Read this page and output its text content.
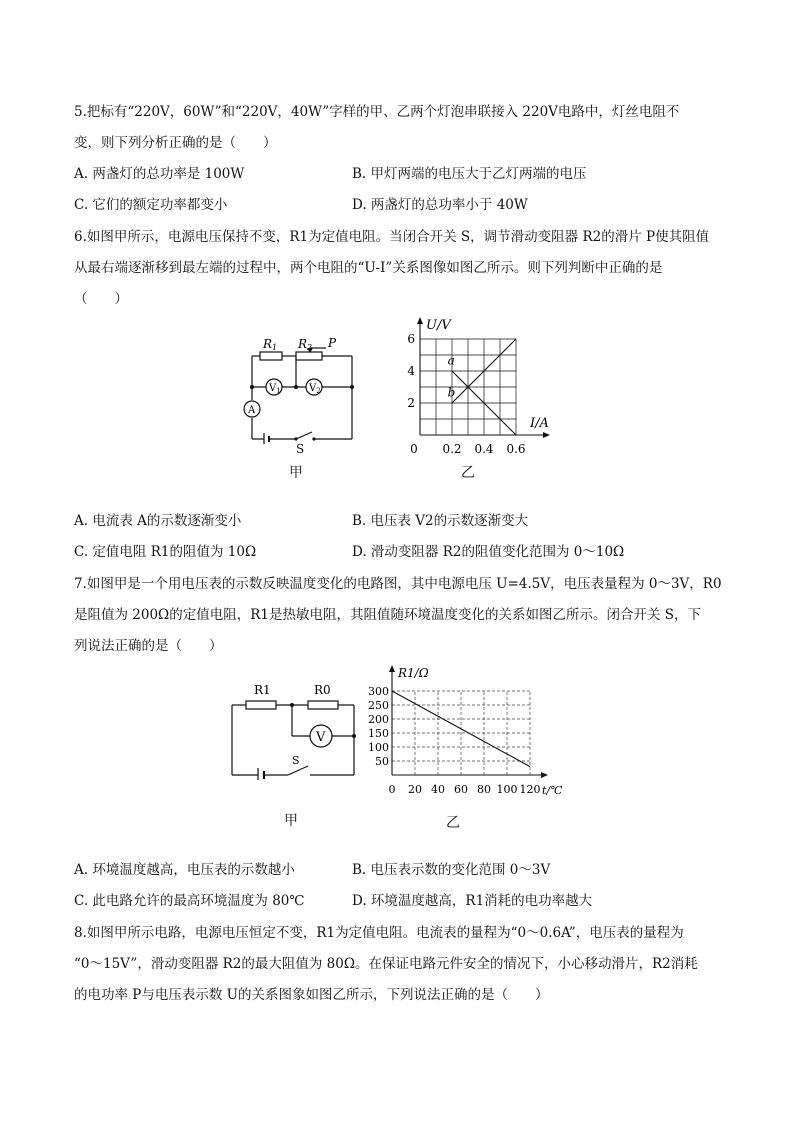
5.把标有“220V，60W”和“220V，40W”字样的甲、乙两个灯泡串联接入 220V电路中，灯丝电阻不
变，则下列分析正确的是（　　）
A. 两盏灯的总功率是 100W	B. 甲灯两端的电压大于乙灯两端的电压
C. 它们的额定功率都变小	D. 两盏灯的总功率小于 40W
6.如图甲所示，电源电压保持不变，R1为定值电阻。当闭合开关 S，调节滑动变阻器 R2的滑片 P使其阻值
从最右端逐渐移到最左端的过程中，两个电阻的“U-I”关系图像如图乙所示。则下列判断中正确的是
（　　）
R1 R2 P
$V_1$	$V_2$
A
S
甲
0 0.2 0.4 0.6
2
4
6
I/A
U/V
a
b
乙
A. 电流表 A的示数逐渐变小	B. 电压表 V2的示数逐渐变大
C. 定值电阻 R1的阻值为 10Ω	D. 滑动变阻器 R2的阻值变化范围为 0～10Ω
7.如图甲是一个用电压表的示数反映温度变化的电路图，其中电源电压 U=4.5V，电压表量程为 0～3V，R0
是阻值为 200Ω的定值电阻，R1是热敏电阻，其阻值随环境温度变化的关系如图乙所示。闭合开关 S，下
列说法正确的是（　　）
R1	R0
V
S
甲
0 20 40 60 80 100 120
50
100
150
200
250
300
t/℃
R1/Ω
乙
A. 环境温度越高，电压表的示数越小	B. 电压表示数的变化范围 0～3V
C. 此电路允许的最高环境温度为 80℃	D. 环境温度越高，R1消耗的电功率越大
8.如图甲所示电路，电源电压恒定不变，R1为定值电阻。电流表的量程为“0～0.6A”，电压表的量程为
“0～15V”，滑动变阻器 R2的最大阻值为 80Ω。在保证电路元件安全的情况下，小心移动滑片，R2消耗
的电功率 P与电压表示数 U的关系图象如图乙所示，下列说法正确的是（　　）
